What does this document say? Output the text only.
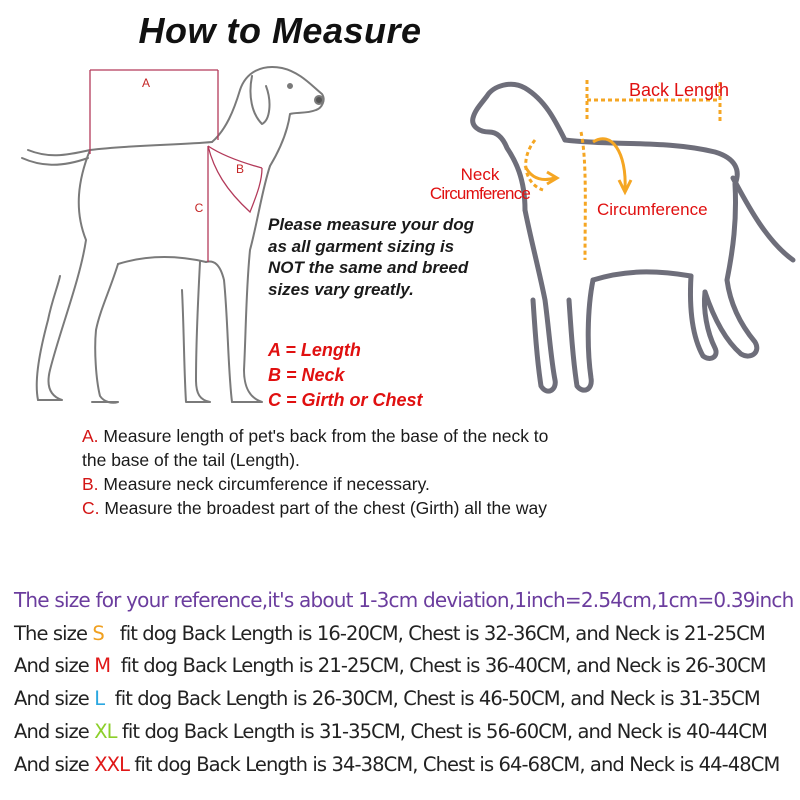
How to Measure
A
B
C
Back Length
Circumference
Neck
Circumference
Please measure your dog
as all garment sizing is
NOT the same and breed
sizes vary greatly.
A = Length
B = Neck
C = Girth or Chest
A. Measure length of pet's back from the base of the neck to
the base of the tail (Length).
B. Measure neck circumference if necessary.
C. Measure the broadest part of the chest (Girth) all the way
The size for your reference,it's about 1-3cm deviation,1inch=2.54cm,1cm=0.39inch
The size S   fit dog Back Length is 16-20CM, Chest is 32-36CM, and Neck is 21-25CM
And size M  fit dog Back Length is 21-25CM, Chest is 36-40CM, and Neck is 26-30CM
And size L  fit dog Back Length is 26-30CM, Chest is 46-50CM, and Neck is 31-35CM
And size XL fit dog Back Length is 31-35CM, Chest is 56-60CM, and Neck is 40-44CM
And size XXL fit dog Back Length is 34-38CM, Chest is 64-68CM, and Neck is 44-48CM
